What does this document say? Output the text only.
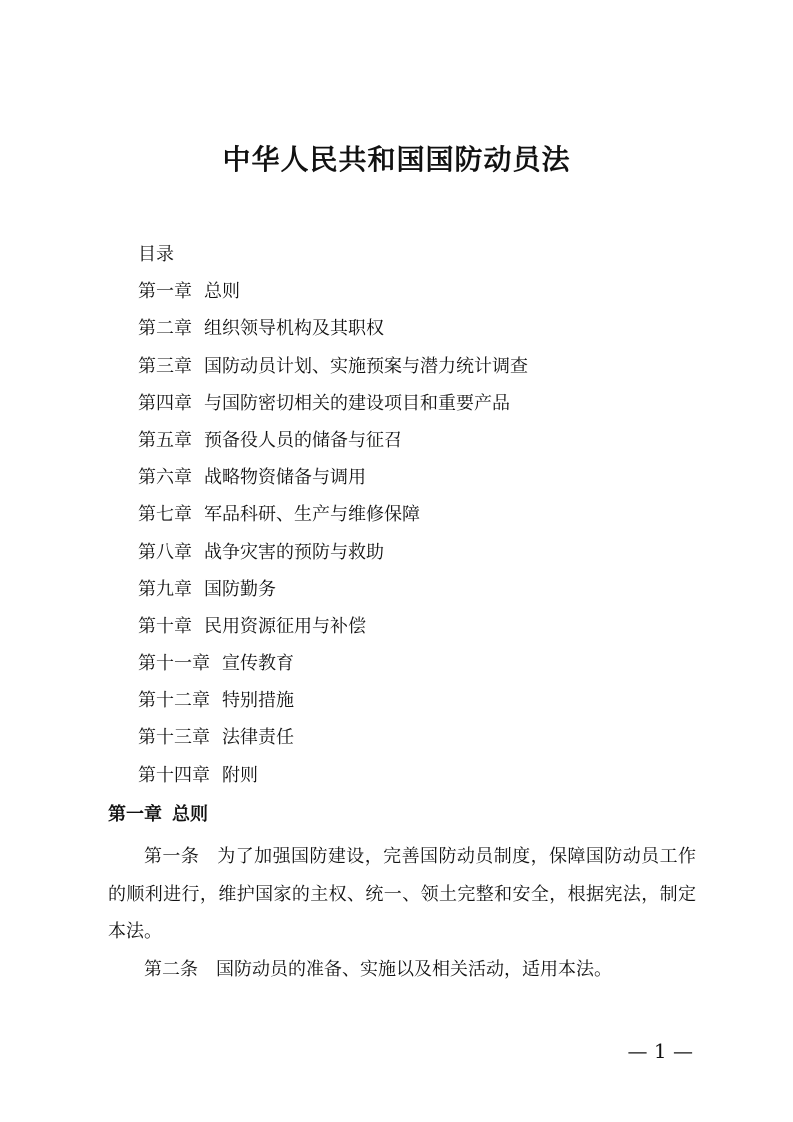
中华人民共和国国防动员法
目录
第一章 总则
第二章 组织领导机构及其职权
第三章 国防动员计划、实施预案与潜力统计调查
第四章 与国防密切相关的建设项目和重要产品
第五章 预备役人员的储备与征召
第六章 战略物资储备与调用
第七章 军品科研、生产与维修保障
第八章 战争灾害的预防与救助
第九章 国防勤务
第十章 民用资源征用与补偿
第十一章 宣传教育
第十二章 特别措施
第十三章 法律责任
第十四章 附则
第一章 总则

第一条 为了加强国防建设，完善国防动员制度，保障国防动员工作的顺利进行，维护国家的主权、统一、领土完整和安全，根据宪法，制定本法。

第二条 国防动员的准备、实施以及相关活动，适用本法。

— 1 —
